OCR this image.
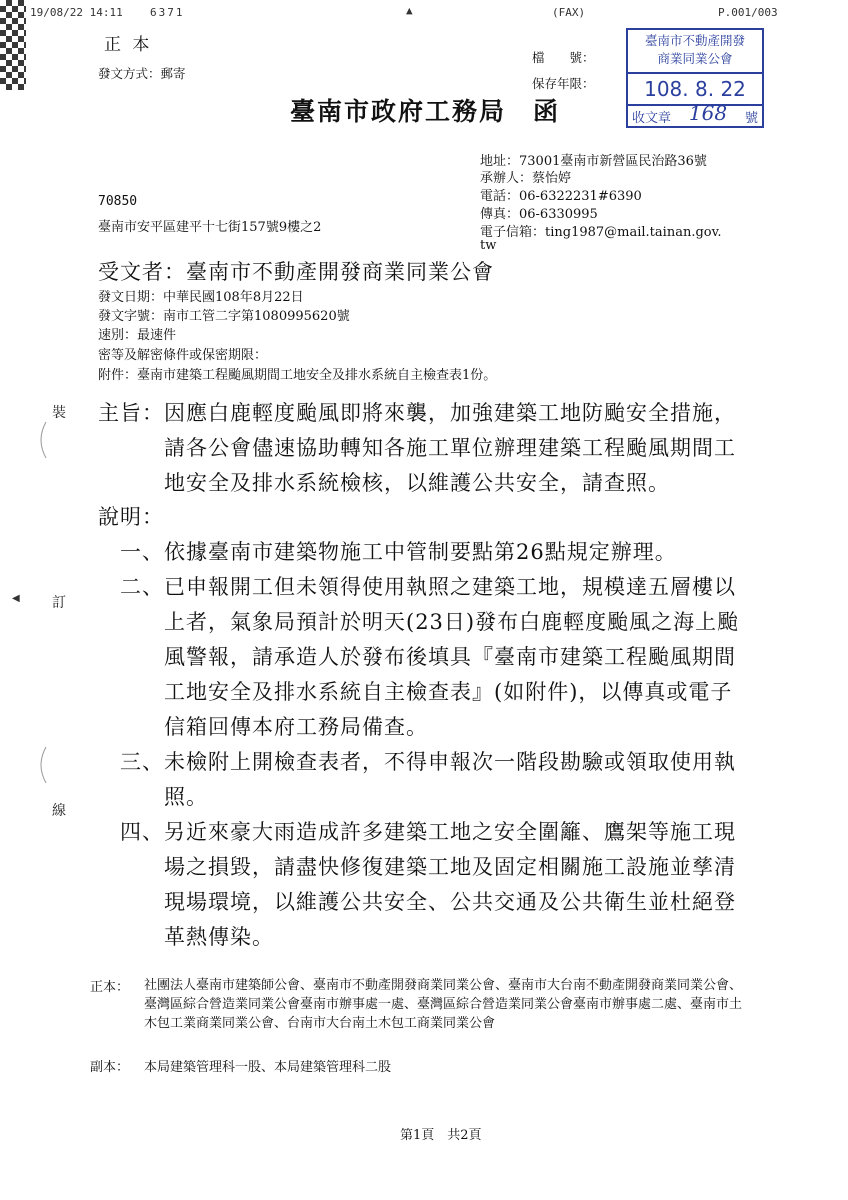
19/08/22 14:11 6371	▲	(FAX)	P.001/003
正 本
發文方式：郵寄
檔　　號：
保存年限：
臺南市不動產開發商業同業公會
108. 8. 22
收文章 168 號
臺南市政府工務局　函
地址：73001臺南市新營區民治路36號
承辦人：蔡怡婷
電話：06-6322231#6390
傳真：06-6330995
電子信箱：ting1987@mail.tainan.gov.
tw
70850
臺南市安平區建平十七街157號9樓之2
受文者：臺南市不動產開發商業同業公會
發文日期：中華民國108年8月22日
發文字號：南市工管二字第1080995620號
速別：最速件
密等及解密條件或保密期限：
附件：臺南市建築工程颱風期間工地安全及排水系統自主檢查表1份。
主旨： 因應白鹿輕度颱風即將來襲，加強建築工地防颱安全措施，請各公會儘速協助轉知各施工單位辦理建築工程颱風期間工地安全及排水系統檢核，以維護公共安全，請查照。
說明：
一、 依據臺南市建築物施工中管制要點第26點規定辦理。
二、 已申報開工但未領得使用執照之建築工地，規模達五層樓以上者，氣象局預計於明天(23日)發布白鹿輕度颱風之海上颱風警報，請承造人於發布後填具『臺南市建築工程颱風期間工地安全及排水系統自主檢查表』(如附件)，以傳真或電子信箱回傳本府工務局備查。
三、 未檢附上開檢查表者，不得申報次一階段勘驗或領取使用執照。
四、 另近來豪大雨造成許多建築工地之安全圍籬、鷹架等施工現場之損毀，請盡快修復建築工地及固定相關施工設施並孳清現場環境，以維護公共安全、公共交通及公共衛生並杜絕登革熱傳染。
正本： 社團法人臺南市建築師公會、臺南市不動產開發商業同業公會、臺南市大台南不動產開發商業同業公會、臺灣區綜合營造業同業公會臺南市辦事處一處、臺灣區綜合營造業同業公會臺南市辦事處二處、臺南市土木包工業商業同業公會、台南市大台南土木包工商業同業公會
副本： 本局建築管理科一股、本局建築管理科二股
裝
訂
線
◀
第1頁　共2頁
